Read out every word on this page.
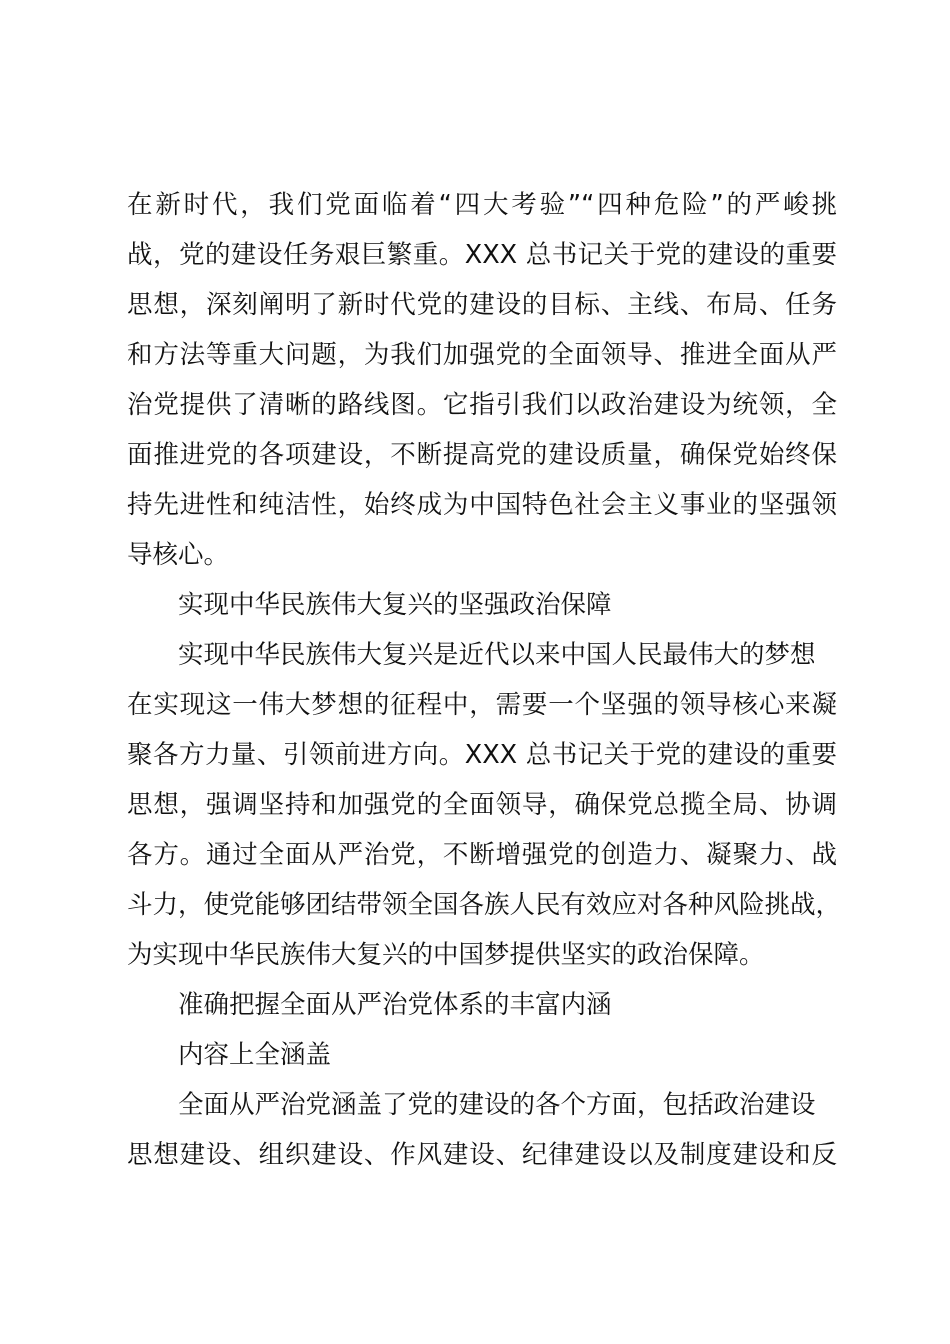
在新时代，我们党面临着“四大考验”“四种危险”的严峻挑
战，党的建设任务艰巨繁重。XXX 总书记关于党的建设的重要
思想，深刻阐明了新时代党的建设的目标、主线、布局、任务
和方法等重大问题，为我们加强党的全面领导、推进全面从严
治党提供了清晰的路线图。它指引我们以政治建设为统领，全
面推进党的各项建设，不断提高党的建设质量，确保党始终保
持先进性和纯洁性，始终成为中国特色社会主义事业的坚强领
导核心。
实现中华民族伟大复兴的坚强政治保障
实现中华民族伟大复兴是近代以来中国人民最伟大的梦想
在实现这一伟大梦想的征程中，需要一个坚强的领导核心来凝
聚各方力量、引领前进方向。XXX 总书记关于党的建设的重要
思想，强调坚持和加强党的全面领导，确保党总揽全局、协调
各方。通过全面从严治党，不断增强党的创造力、凝聚力、战
斗力，使党能够团结带领全国各族人民有效应对各种风险挑战，
为实现中华民族伟大复兴的中国梦提供坚实的政治保障。
准确把握全面从严治党体系的丰富内涵
内容上全涵盖
全面从严治党涵盖了党的建设的各个方面，包括政治建设
思想建设、组织建设、作风建设、纪律建设以及制度建设和反
